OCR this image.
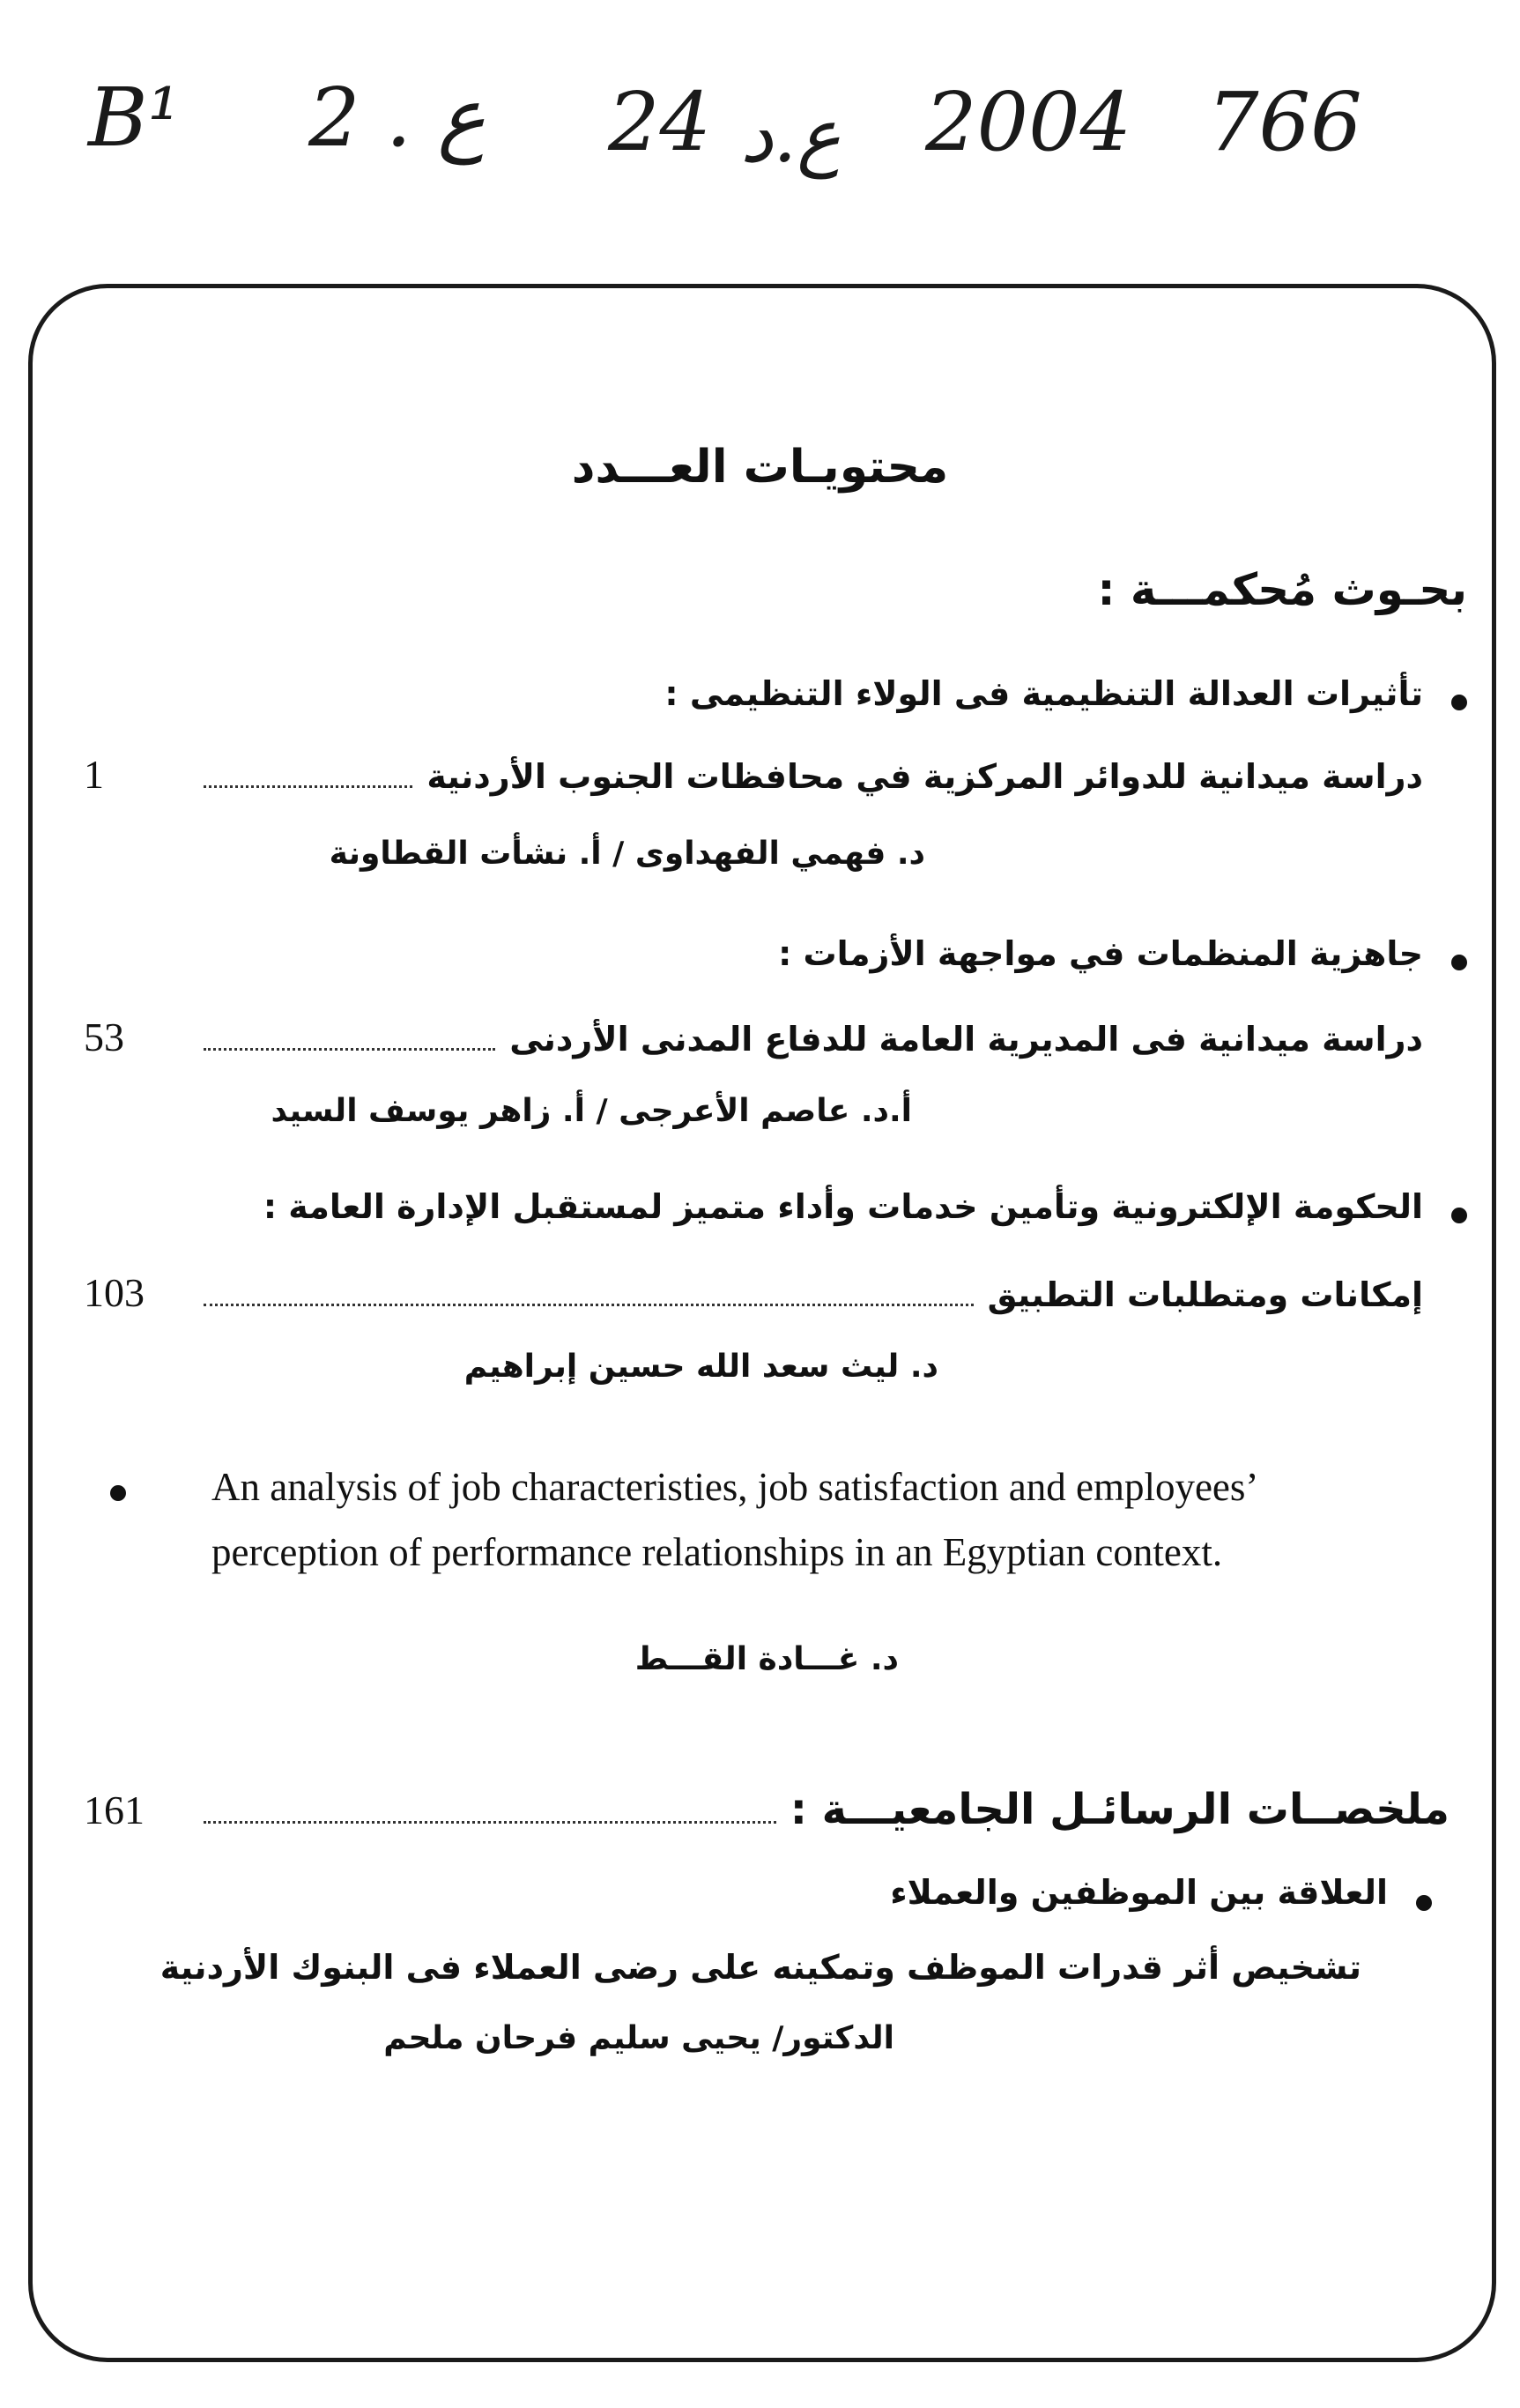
B¹ 2 . ع 24 ع.د 2004 766
محتويـات العـــدد
بحـوث مُحكمـــة :
تأثيرات العدالة التنظيمية فى الولاء التنظيمى :
1	دراسة ميدانية للدوائر المركزية في محافظات الجنوب الأردنية
د. فهمي الفهداوى / أ. نشأت القطاونة
جاهزية المنظمات في مواجهة الأزمات :
53	دراسة ميدانية فى المديرية العامة للدفاع المدنى الأردنى
أ.د. عاصم الأعرجى / أ. زاهر يوسف السيد
الحكومة الإلكترونية وتأمين خدمات وأداء متميز لمستقبل الإدارة العامة :
103	إمكانات ومتطلبات التطبيق
د. ليث سعد الله حسين إبراهيم
An analysis of job characteristies, job satisfaction and employees’
perception of performance relationships in an Egyptian context.
د. غـــادة القـــط
161	ملخصــات الرسائـل الجامعيـــة :
العلاقة بين الموظفين والعملاء
تشخيص أثر قدرات الموظف وتمكينه على رضى العملاء فى البنوك الأردنية
الدكتور/ يحيى سليم فرحان ملحم
